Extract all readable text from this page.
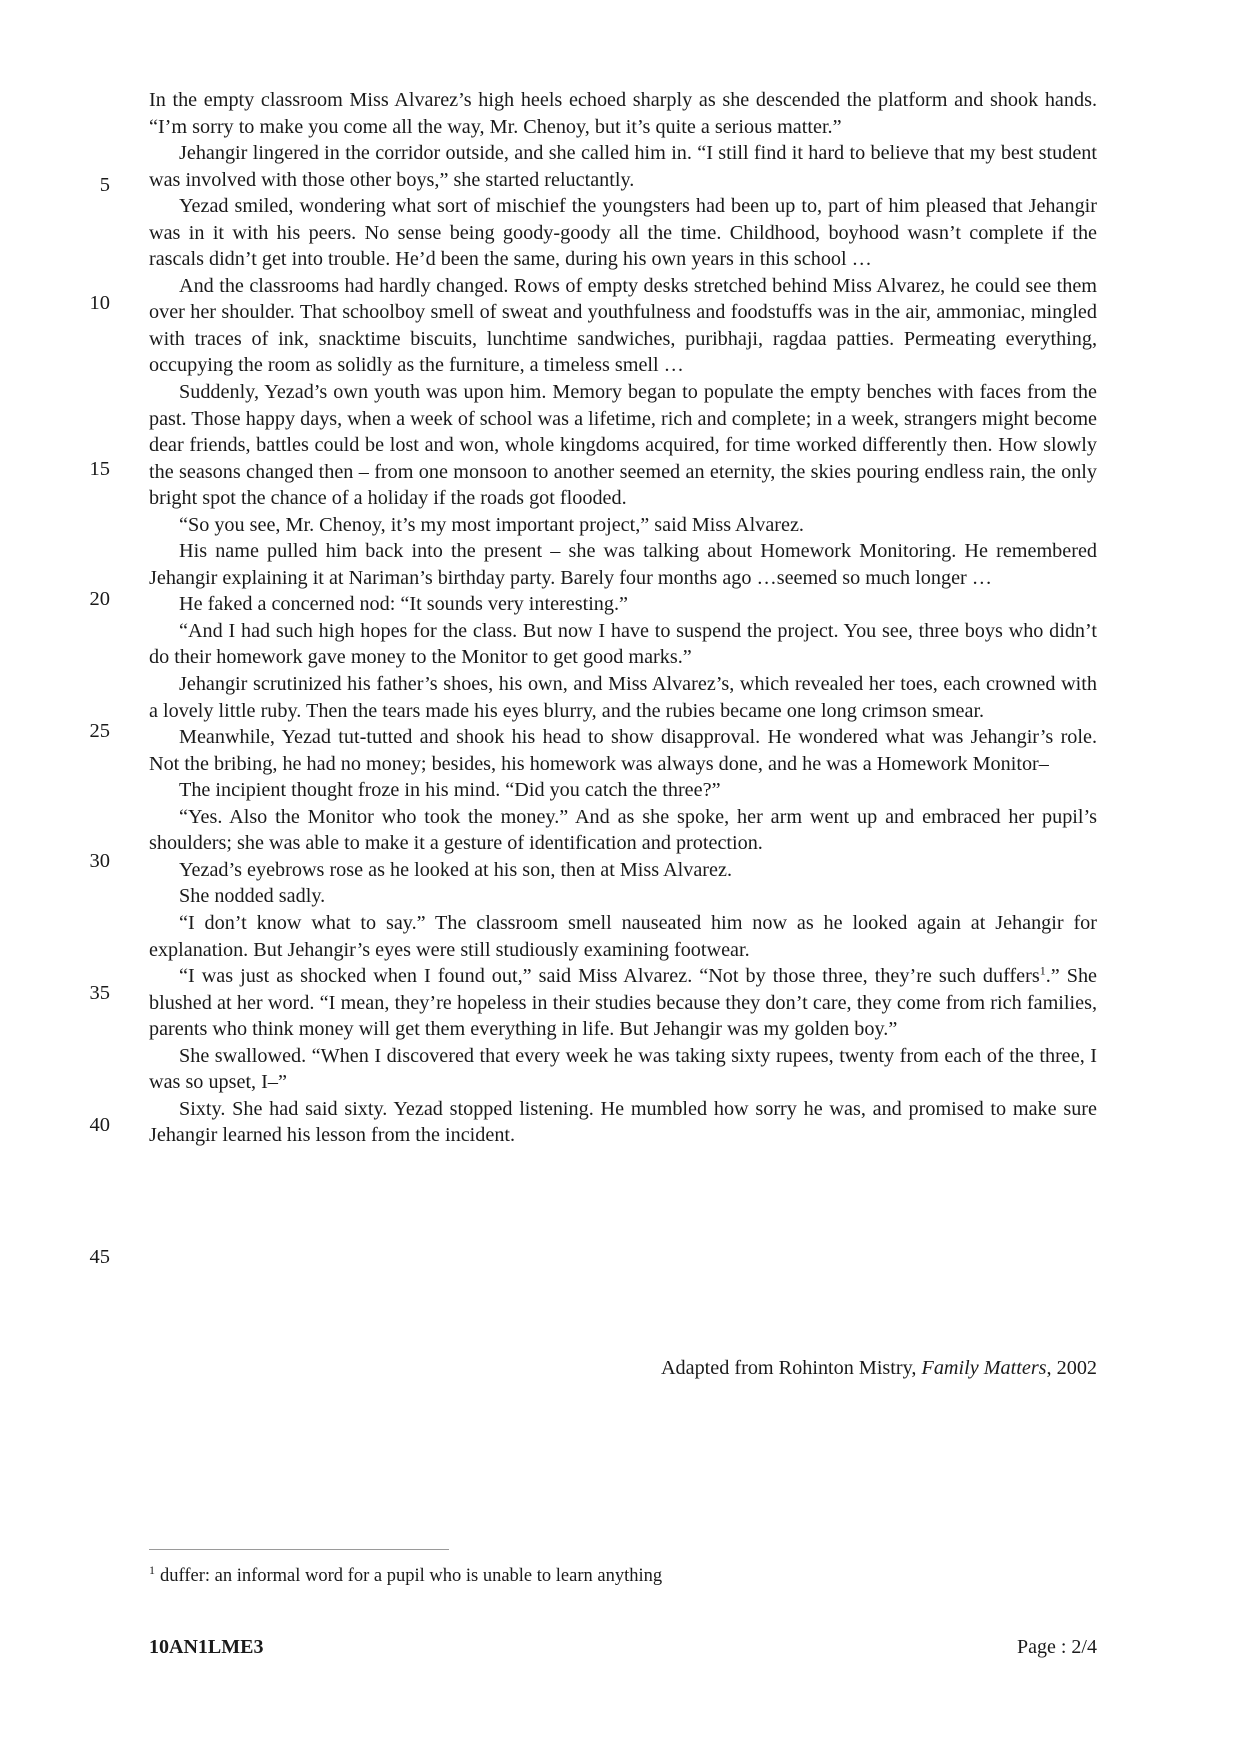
5
10
15
20
25
30
35
40
45

In the empty classroom Miss Alvarez’s high heels echoed sharply as she descended the platform and shook hands. “I’m sorry to make you come all the way, Mr. Chenoy, but it’s quite a serious matter.”

Jehangir lingered in the corridor outside, and she called him in. “I still find it hard to believe that my best student was involved with those other boys,” she started reluctantly.

Yezad smiled, wondering what sort of mischief the youngsters had been up to, part of him pleased that Jehangir was in it with his peers. No sense being goody-goody all the time. Childhood, boyhood wasn’t complete if the rascals didn’t get into trouble. He’d been the same, during his own years in this school …

And the classrooms had hardly changed. Rows of empty desks stretched behind Miss Alvarez, he could see them over her shoulder. That schoolboy smell of sweat and youthfulness and foodstuffs was in the air, ammoniac, mingled with traces of ink, snacktime biscuits, lunchtime sandwiches, puribhaji, ragdaa patties. Permeating everything, occupying the room as solidly as the furniture, a timeless smell …

Suddenly, Yezad’s own youth was upon him. Memory began to populate the empty benches with faces from the past. Those happy days, when a week of school was a lifetime, rich and complete; in a week, strangers might become dear friends, battles could be lost and won, whole kingdoms acquired, for time worked differently then. How slowly the seasons changed then – from one monsoon to another seemed an eternity, the skies pouring endless rain, the only bright spot the chance of a holiday if the roads got flooded.

“So you see, Mr. Chenoy, it’s my most important project,” said Miss Alvarez.

His name pulled him back into the present – she was talking about Homework Monitoring. He remembered Jehangir explaining it at Nariman’s birthday party. Barely four months ago …seemed so much longer …

He faked a concerned nod: “It sounds very interesting.”

“And I had such high hopes for the class. But now I have to suspend the project. You see, three boys who didn’t do their homework gave money to the Monitor to get good marks.”

Jehangir scrutinized his father’s shoes, his own, and Miss Alvarez’s, which revealed her toes, each crowned with a lovely little ruby. Then the tears made his eyes blurry, and the rubies became one long crimson smear.

Meanwhile, Yezad tut-tutted and shook his head to show disapproval. He wondered what was Jehangir’s role. Not the bribing, he had no money; besides, his homework was always done, and he was a Homework Monitor–

The incipient thought froze in his mind. “Did you catch the three?”

“Yes. Also the Monitor who took the money.” And as she spoke, her arm went up and embraced her pupil’s shoulders; she was able to make it a gesture of identification and protection.

Yezad’s eyebrows rose as he looked at his son, then at Miss Alvarez.

She nodded sadly.

“I don’t know what to say.” The classroom smell nauseated him now as he looked again at Jehangir for explanation. But Jehangir’s eyes were still studiously examining footwear.

“I was just as shocked when I found out,” said Miss Alvarez. “Not by those three, they’re such duffers$^1$.” She blushed at her word. “I mean, they’re hopeless in their studies because they don’t care, they come from rich families, parents who think money will get them everything in life. But Jehangir was my golden boy.”

She swallowed. “When I discovered that every week he was taking sixty rupees, twenty from each of the three, I was so upset, I–”

Sixty. She had said sixty. Yezad stopped listening. He mumbled how sorry he was, and promised to make sure Jehangir learned his lesson from the incident.

Adapted from Rohinton Mistry, Family Matters, 2002
$^1$ duffer: an informal word for a pupil who is unable to learn anything
10AN1LME3	Page : 2/4
